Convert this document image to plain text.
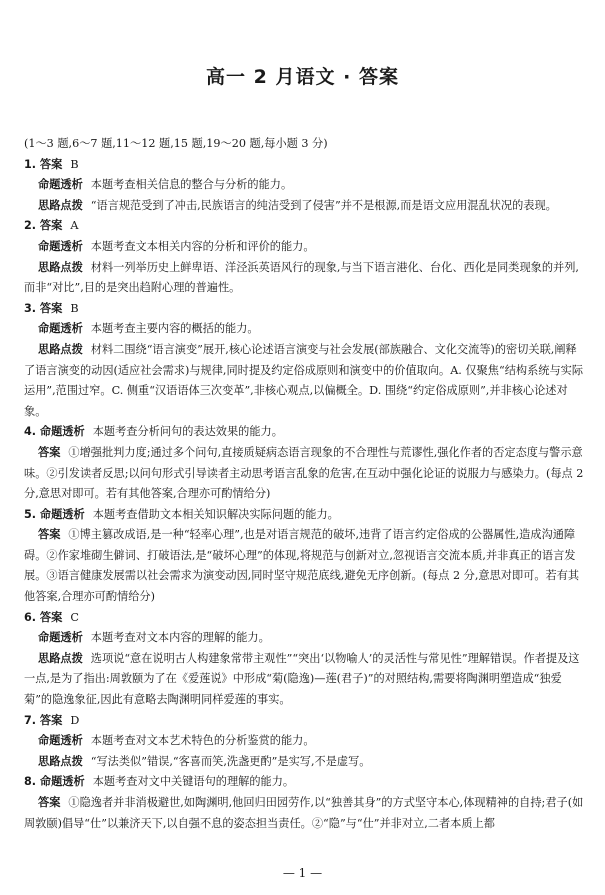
高一 2 月语文 · 答案

(1～3 题,6～7 题,11～12 题,15 题,19～20 题,每小题 3 分)

1. 答案 B

命题透析 本题考查相关信息的整合与分析的能力。

思路点拨 “语言规范受到了冲击,民族语言的纯洁受到了侵害”并不是根源,而是语文应用混乱状况的表现。

2. 答案 A

命题透析 本题考查文本相关内容的分析和评价的能力。

思路点拨 材料一列举历史上鲜卑语、洋泾浜英语风行的现象,与当下语言港化、台化、西化是同类现象的并列,而非“对比”,目的是突出趋附心理的普遍性。

3. 答案 B

命题透析 本题考查主要内容的概括的能力。

思路点拨 材料二围绕“语言演变”展开,核心论述语言演变与社会发展(部族融合、文化交流等)的密切关联,阐释了语言演变的动因(适应社会需求)与规律,同时提及约定俗成原则和演变中的价值取向。A. 仅聚焦“结构系统与实际运用”,范围过窄。C. 侧重“汉语语体三次变革”,非核心观点,以偏概全。D. 围绕“约定俗成原则”,并非核心论述对象。

4. 命题透析 本题考查分析问句的表达效果的能力。

答案 ①增强批判力度;通过多个问句,直接质疑病态语言现象的不合理性与荒谬性,强化作者的否定态度与警示意味。②引发读者反思;以问句形式引导读者主动思考语言乱象的危害,在互动中强化论证的说服力与感染力。(每点 2 分,意思对即可。若有其他答案,合理亦可酌情给分)

5. 命题透析 本题考查借助文本相关知识解决实际问题的能力。

答案 ①博主篡改成语,是一种“轻率心理”,也是对语言规范的破坏,违背了语言约定俗成的公器属性,造成沟通障碍。②作家堆砌生僻词、打破语法,是“破坏心理”的体现,将规范与创新对立,忽视语言交流本质,并非真正的语言发展。③语言健康发展需以社会需求为演变动因,同时坚守规范底线,避免无序创新。(每点 2 分,意思对即可。若有其他答案,合理亦可酌情给分)

6. 答案 C

命题透析 本题考查对文本内容的理解的能力。

思路点拨 选项说“意在说明古人构建象常带主观性”“突出‘以物喻人’的灵活性与常见性”理解错误。作者提及这一点,是为了指出:周敦颐为了在《爱莲说》中形成“菊(隐逸)—莲(君子)”的对照结构,需要将陶渊明塑造成“独爱菊”的隐逸象征,因此有意略去陶渊明同样爱莲的事实。

7. 答案 D

命题透析 本题考查对文本艺术特色的分析鉴赏的能力。

思路点拨 “写法类似”错误,“客喜而笑,洗盏更酌”是实写,不是虚写。

8. 命题透析 本题考查对文中关键语句的理解的能力。

答案 ①隐逸者并非消极避世,如陶渊明,他回归田园劳作,以“独善其身”的方式坚守本心,体现精神的自持;君子(如周敦颐)倡导“仕”以兼济天下,以自强不息的姿态担当责任。②“隐”与“仕”并非对立,二者本质上都

— 1 —
